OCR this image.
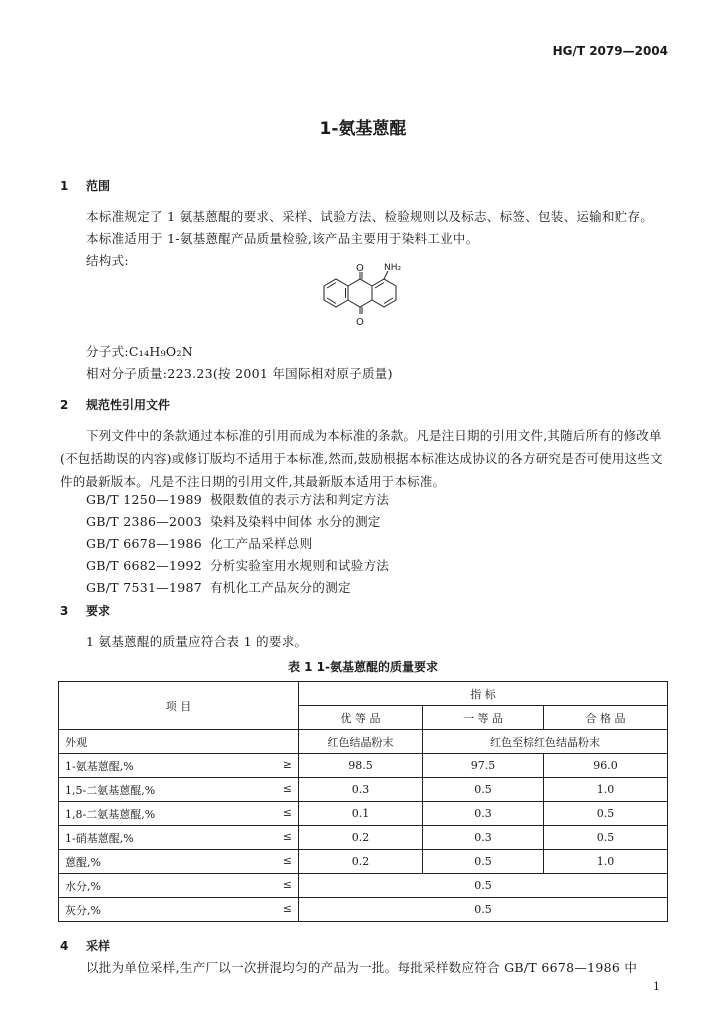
HG/T 2079—2004
1-氨基蒽醌
1 范围
本标准规定了 1 氨基蒽醌的要求、采样、试验方法、检验规则以及标志、标签、包装、运输和贮存。
本标准适用于 1-氨基蒽醌产品质量检验,该产品主要用于染料工业中。
结构式:
O NH₂
O
分子式:C₁₄H₉O₂N
相对分子质量:223.23(按 2001 年国际相对原子质量)
2 规范性引用文件
下列文件中的条款通过本标准的引用而成为本标准的条款。凡是注日期的引用文件,其随后所有的修改单(不包括勘误的内容)或修订版均不适用于本标准,然而,鼓励根据本标准达成协议的各方研究是否可使用这些文件的最新版本。凡是不注日期的引用文件,其最新版本适用于本标准。
GB/T 1250—1989 极限数值的表示方法和判定方法
GB/T 2386—2003 染料及染料中间体 水分的测定
GB/T 6678—1986 化工产品采样总则
GB/T 6682—1992 分析实验室用水规则和试验方法
GB/T 7531—1987 有机化工产品灰分的测定
3 要求
1 氨基蒽醌的质量应符合表 1 的要求。
表 1 1-氨基蒽醌的质量要求
项 目	指 标		
	优 等 品	一 等 品	合 格 品
外观	红色结晶粉末	红色至棕红色结晶粉末	
1-氨基蒽醌,% ≥	98.5	97.5	96.0
1,5-二氨基蒽醌,% ≤	0.3	0.5	1.0
1,8-二氨基蒽醌,% ≤	0.1	0.3	0.5
1-硝基蒽醌,% ≤	0.2	0.3	0.5
蒽醌,% ≤	0.2	0.5	1.0
水分,% ≤	0.5		
灰分,% ≤	0.5		
4 采样
以批为单位采样,生产厂以一次拼混均匀的产品为一批。每批采样数应符合 GB/T 6678—1986 中
1
